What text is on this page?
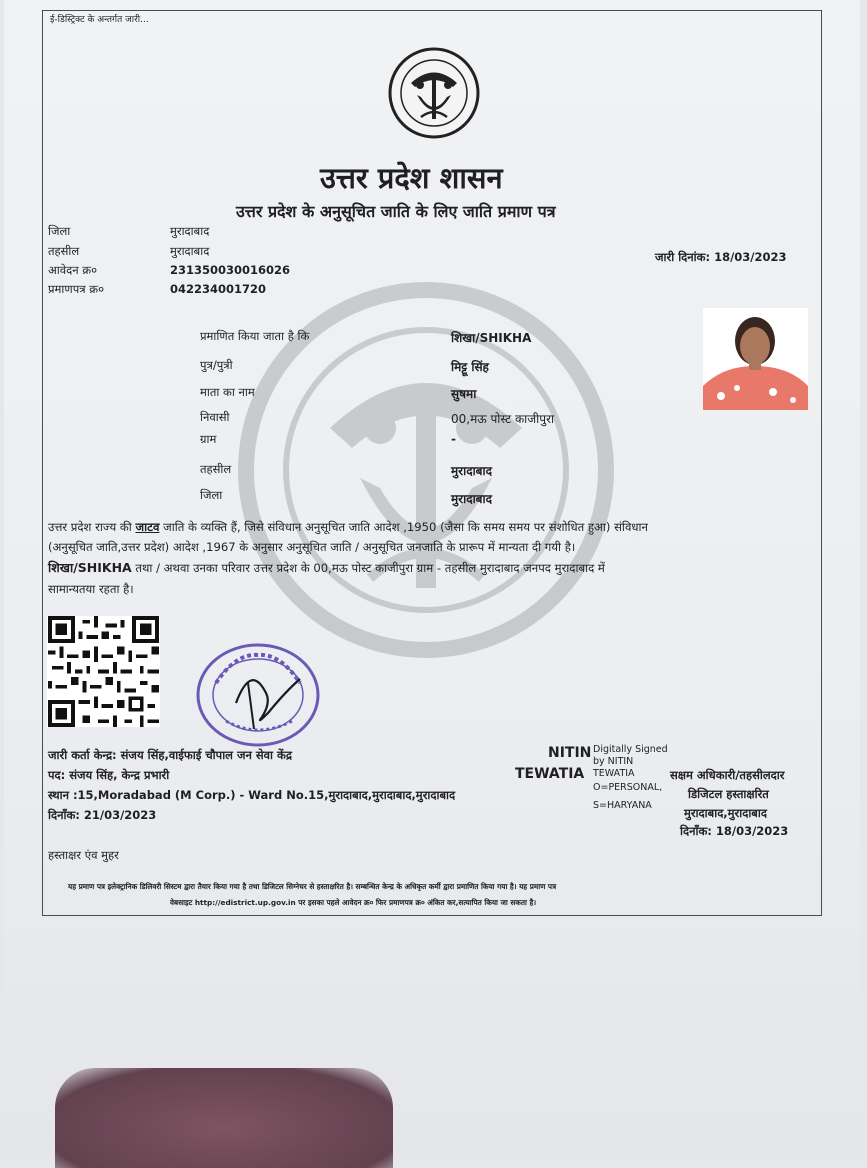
ई-डिस्ट्रिक्ट के अन्तर्गत जारी...
उत्तर प्रदेश शासन
उत्तर प्रदेश के अनुसूचित जाति के लिए जाति प्रमाण पत्र
जिला	मुरादाबाद
तहसील	मुरादाबाद
आवेदन क्र०	231350030016026
प्रमाणपत्र क्र०	042234001720
जारी दिनांक: 18/03/2023
प्रमाणित किया जाता है कि	शिखा/SHIKHA
पुत्र/पुत्री	मिट्टू सिंह
माता का नाम	सुषमा
निवासी	00,मऊ पोस्ट काजीपुरा
ग्राम	-
तहसील	मुरादाबाद
जिला	मुरादाबाद
उत्तर प्रदेश राज्य की जाटव जाति के व्यक्ति हैं, जिसे संविधान अनुसूचित जाति आदेश ,1950 (जैसा कि समय समय पर संशोधित हुआ) संविधान
(अनुसूचित जाति,उत्तर प्रदेश) आदेश ,1967 के अनुसार अनुसूचित जाति / अनुसूचित जनजाति के प्रारूप में मान्यता दी गयी है।
शिखा/SHIKHA तथा / अथवा उनका परिवार उत्तर प्रदेश के 00,मऊ पोस्ट काजीपुरा ग्राम - तहसील मुरादाबाद जनपद मुरादाबाद में
सामान्यतया रहता है।
जारी कर्ता केन्द्र: संजय सिंह,वाईफाई चौपाल जन सेवा केंद्र
पद: संजय सिंह, केन्द्र प्रभारी
स्थान :15,Moradabad (M Corp.) - Ward No.15,मुरादाबाद,मुरादाबाद,मुरादाबाद
दिनाँक: 21/03/2023
NITIN
TEWATIA
Digitally Signed
by NITIN
TEWATIA
O=PERSONAL,
S=HARYANA
सक्षम अधिकारी/तहसीलदार
डिजिटल हस्ताक्षरित
मुरादाबाद,मुरादाबाद
दिनाँक: 18/03/2023
हस्ताक्षर एंव मुहर
यह प्रमाण पत्र इलेक्ट्रानिक डिलिवरी सिस्टम द्वारा तैयार किया गया है तथा डिजिटल सिग्नेचर से हस्ताक्षरित है। सम्बन्धित केन्द्र के अधिकृत कर्मी द्वारा प्रमाणित किया गया है। यह प्रमाण पत्र
वेबसाइट http://edistrict.up.gov.in पर इसका पहले आवेदन क्र० फिर प्रमाणपत्र क्र० अंकित कर,सत्यापित किया जा सकता है।
